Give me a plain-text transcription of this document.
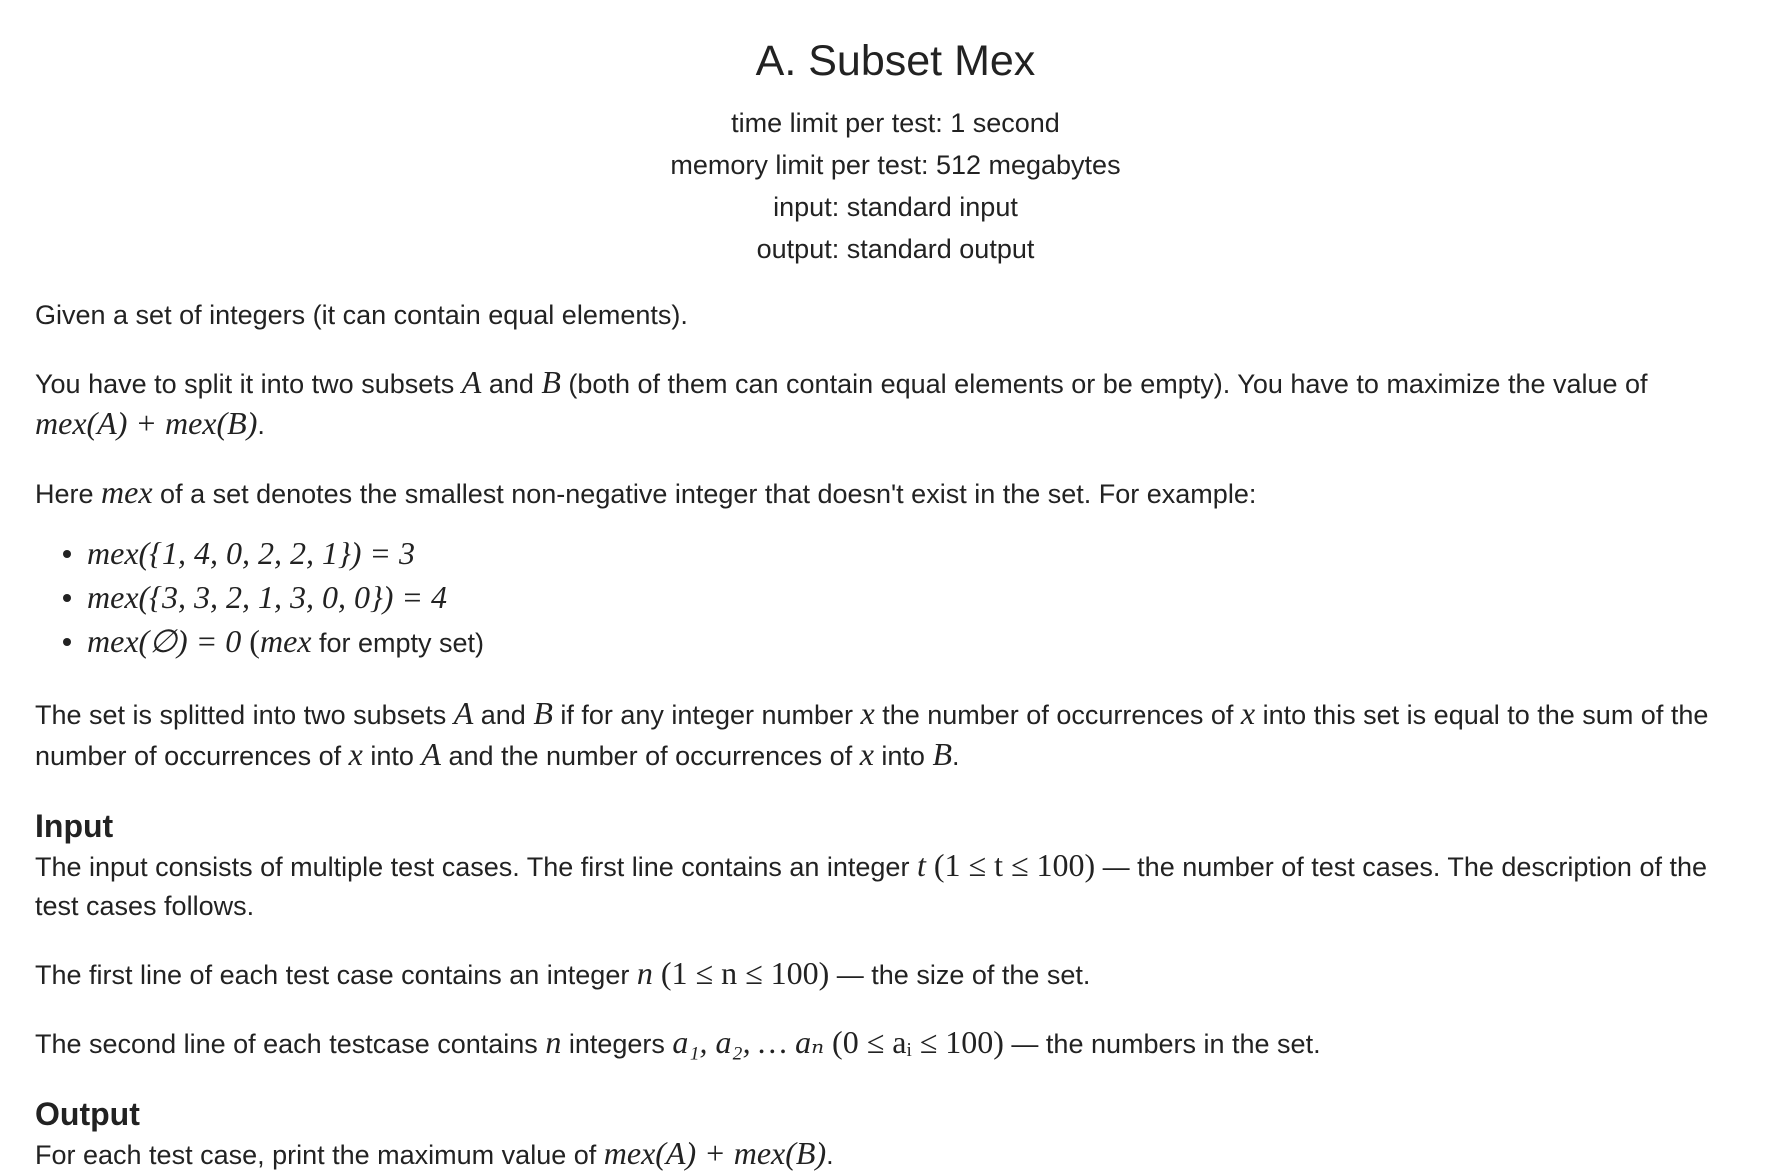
A. Subset Mex

time limit per test: 1 second

memory limit per test: 512 megabytes

input: standard input

output: standard output

Given a set of integers (it can contain equal elements).

You have to split it into two subsets A and B (both of them can contain equal elements or be empty). You have to maximize the value of
mex(A) + mex(B).

Here mex of a set denotes the smallest non-negative integer that doesn't exist in the set. For example:

mex({1, 4, 0, 2, 2, 1}) = 3
mex({3, 3, 2, 1, 3, 0, 0}) = 4
mex(∅) = 0 (mex for empty set)

The set is splitted into two subsets A and B if for any integer number x the number of occurrences of x into this set is equal to the sum of the number of occurrences of x into A and the number of occurrences of x into B.

Input

The input consists of multiple test cases. The first line contains an integer t (1 ≤ t ≤ 100) — the number of test cases. The description of the test cases follows.

The first line of each test case contains an integer n (1 ≤ n ≤ 100) — the size of the set.

The second line of each testcase contains n integers a₁, a₂, … aₙ (0 ≤ aᵢ ≤ 100) — the numbers in the set.

Output

For each test case, print the maximum value of mex(A) + mex(B).
